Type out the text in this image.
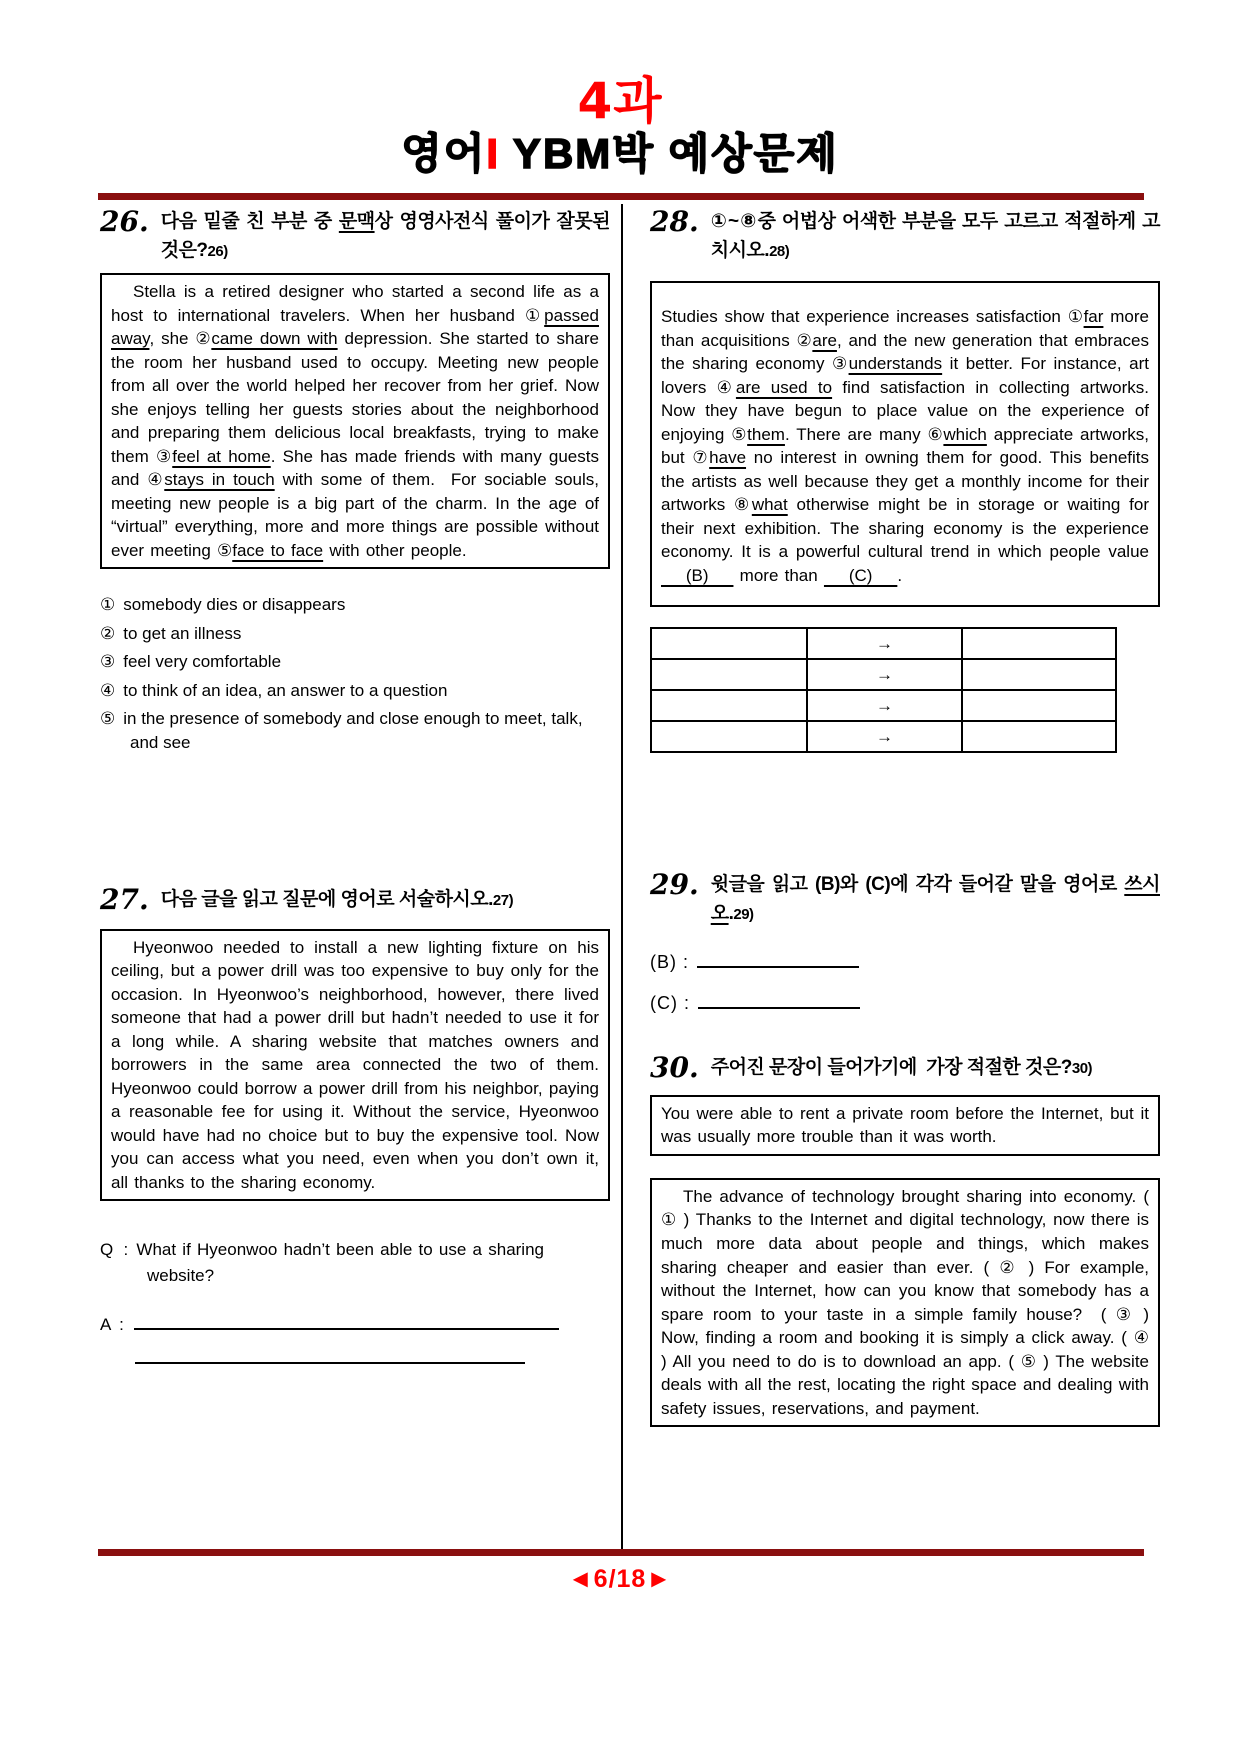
4과
영어I YBM박 예상문제
26. 다음 밑줄 친 부분 중 문맥상 영영사전식 풀이가 잘못된 것은?26)

Stella is a retired designer who started a second life as a host to international travelers. When her husband ①passed away, she ②came down with depression. She started to share the room her husband used to occupy. Meeting new people from all over the world helped her recover from her grief. Now she enjoys telling her guests stories about the neighborhood and preparing them delicious local breakfasts, trying to make them ③feel at home. She has made friends with many guests and ④stays in touch with some of them.  For sociable souls, meeting new people is a big part of the charm. In the age of “virtual” everything, more and more things are possible without ever meeting ⑤face to face with other people.

① somebody dies or disappears
② to get an illness
③ feel very comfortable
④ to think of an idea, an answer to a question
⑤ in the presence of somebody and close enough to meet, talk, and see
27. 다음 글을 읽고 질문에 영어로 서술하시오.27)

Hyeonwoo needed to install a new lighting fixture on his ceiling, but a power drill was too expensive to buy only for the occasion. In Hyeonwoo’s neighborhood, however, there lived someone that had a power drill but hadn’t needed to use it for a long while. A sharing website that matches owners and borrowers in the same area connected the two of them. Hyeonwoo could borrow a power drill from his neighbor, paying a reasonable fee for using it. Without the service, Hyeonwoo would have had no choice but to buy the expensive tool. Now you can access what you need, even when you don’t own it, all thanks to the sharing economy.

Q : What if Hyeonwoo hadn’t been able to use a sharing website?
A :
28. ①~⑧중 어법상 어색한 부분을 모두 고르고 적절하게 고치시오.28)

Studies show that experience increases satisfaction ①far more than acquisitions ②are, and the new generation that embraces the sharing economy ③understands it better. For instance, art lovers ④are used to find satisfaction in collecting artworks. Now they have begun to place value on the experience of enjoying ⑤them. There are many ⑥which appreciate artworks, but ⑦have no interest in owning them for good. This benefits the artists as well because they get a monthly income for their artworks ⑧what otherwise might be in storage or waiting for their next exhibition. The sharing economy is the experience economy. It is a powerful cultural trend in which people value     (B)     more than     (C)    .

	→	
	→	
	→	
	→	
29. 윗글을 읽고 (B)와 (C)에 각각 들어갈 말을 영어로 쓰시오.29)
(B) :
(C) :
30. 주어진 문장이 들어가기에  가장 적절한 것은?30)

You were able to rent a private room before the Internet, but it was usually more trouble than it was worth.

The advance of technology brought sharing into economy. ( ① ) Thanks to the Internet and digital technology, now there is much more data about people and things, which makes sharing cheaper and easier than ever. ( ② ) For example, without the Internet, how can you know that somebody has a spare room to your taste in a simple family house?  ( ③ ) Now, finding a room and booking it is simply a click away. ( ④ ) All you need to do is to download an app. ( ⑤ ) The website deals with all the rest, locating the right space and dealing with safety issues, reservations, and payment.

◄6/18►
